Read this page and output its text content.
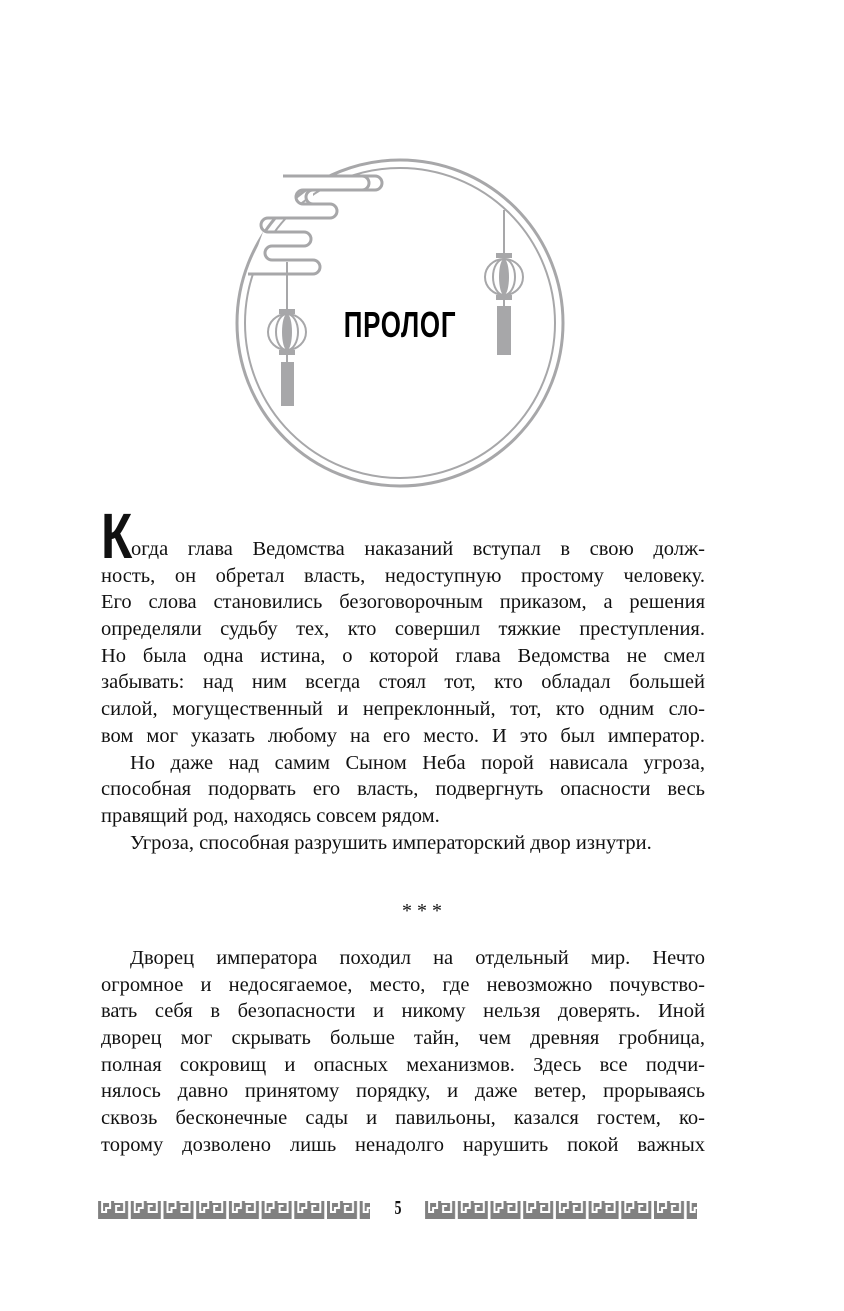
ПРОЛОГ
К
огда глава Ведомства наказаний вступал в свою долж-
ность, он обретал власть, недоступную простому человеку.
Его слова становились безоговорочным приказом, а решения
определяли судьбу тех, кто совершил тяжкие преступления.
Но была одна истина, о которой глава Ведомства не смел
забывать: над ним всегда стоял тот, кто обладал большей
силой, могущественный и непреклонный, тот, кто одним сло-
вом мог указать любому на его место. И это был император.
Но даже над самим Сыном Неба порой нависала угроза,
способная подорвать его власть, подвергнуть опасности весь
правящий род, находясь совсем рядом.
Угроза, способная разрушить императорский двор изнутри.
* * *
Дворец императора походил на отдельный мир. Нечто
огромное и недосягаемое, место, где невозможно почувство-
вать себя в безопасности и никому нельзя доверять. Иной
дворец мог скрывать больше тайн, чем древняя гробница,
полная сокровищ и опасных механизмов. Здесь все подчи-
нялось давно принятому порядку, и даже ветер, прорываясь
сквозь бесконечные сады и павильоны, казался гостем, ко-
торому дозволено лишь ненадолго нарушить покой важных
5
